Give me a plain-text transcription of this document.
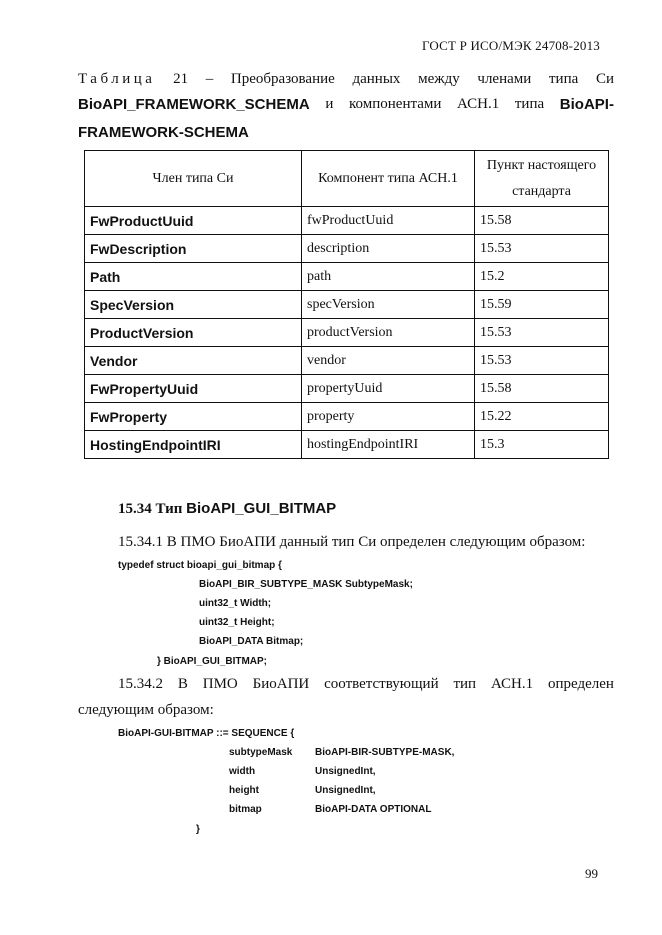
ГОСТ Р ИСО/МЭК 24708-2013
Таблица 21 – Преобразование данных между членами типа Си
BioAPI_FRAMEWORK_SCHEMA и компонентами АСН.1 типа BioAPI-
FRAMEWORK-SCHEMA
Член типа Си	Компонент типа АСН.1	Пункт настоящего
стандарта
FwProductUuid	fwProductUuid	15.58
FwDescription	description	15.53
Path	path	15.2
SpecVersion	specVersion	15.59
ProductVersion	productVersion	15.53
Vendor	vendor	15.53
FwPropertyUuid	propertyUuid	15.58
FwProperty	property	15.22
HostingEndpointIRI	hostingEndpointIRI	15.3
15.34 Тип BioAPI_GUI_BITMAP
15.34.1 В ПМО БиоАПИ данный тип Си определен следующим образом:
typedef struct bioapi_gui_bitmap {
BioAPI_BIR_SUBTYPE_MASK SubtypeMask;
uint32_t Width;
uint32_t Height;
BioAPI_DATA Bitmap;
} BioAPI_GUI_BITMAP;
15.34.2 В ПМО БиоАПИ соответствующий тип АСН.1 определен
следующим образом:
BioAPI-GUI-BITMAP ::= SEQUENCE {
subtypeMask BioAPI-BIR-SUBTYPE-MASK,
width	UnsignedInt,
height	UnsignedInt,
bitmap	BioAPI-DATA OPTIONAL
}
99
